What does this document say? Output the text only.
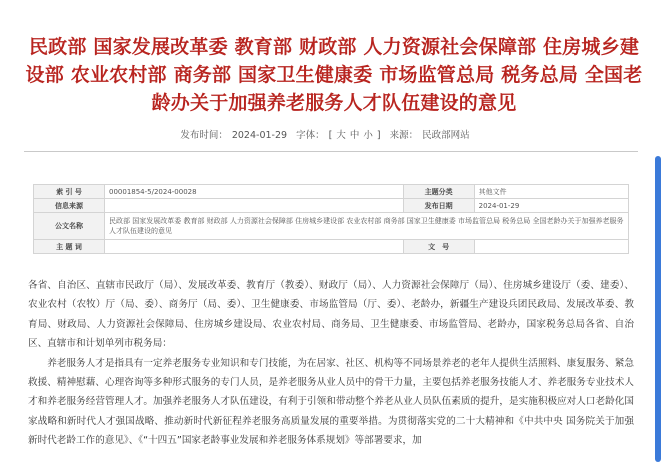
民政部 国家发展改革委 教育部 财政部 人力资源社会保障部 住房城乡建设部 农业农村部 商务部 国家卫生健康委 市场监管总局 税务总局 全国老龄办关于加强养老服务人才队伍建设的意见
发布时间： 2024-01-29 字体： [ 大 中 小 ] 来源： 民政部网站
索 引 号	00001854-5/2024-00028	主题分类	其他文件
信息来源		发布日期	2024-01-29
公文名称	民政部 国家发展改革委 教育部 财政部 人力资源社会保障部 住房城乡建设部 农业农村部 商务部 国家卫生健康委 市场监管总局 税务总局 全国老龄办关于加强养老服务人才队伍建设的意见		
主 题 词		文　号	

各省、自治区、直辖市民政厅（局）、发展改革委、教育厅（教委）、财政厅（局）、人力资源社会保障厅（局）、住房城乡建设厅（委、建委）、农业农村（农牧）厅（局、委）、商务厅（局、委）、卫生健康委、市场监管局（厅、委）、老龄办，新疆生产建设兵团民政局、发展改革委、教育局、财政局、人力资源社会保障局、住房城乡建设局、农业农村局、商务局、卫生健康委、市场监管局、老龄办，国家税务总局各省、自治区、直辖市和计划单列市税务局：

养老服务人才是指具有一定养老服务专业知识和专门技能，为在居家、社区、机构等不同场景养老的老年人提供生活照料、康复服务、紧急救援、精神慰藉、心理咨询等多种形式服务的专门人员，是养老服务从业人员中的骨干力量，主要包括养老服务技能人才、养老服务专业技术人才和养老服务经营管理人才。加强养老服务人才队伍建设，有利于引领和带动整个养老从业人员队伍素质的提升，是实施积极应对人口老龄化国家战略和新时代人才强国战略、推动新时代新征程养老服务高质量发展的重要举措。为贯彻落实党的二十大精神和《中共中央 国务院关于加强新时代老龄工作的意见》、《“十四五”国家老龄事业发展和养老服务体系规划》等部署要求，加
